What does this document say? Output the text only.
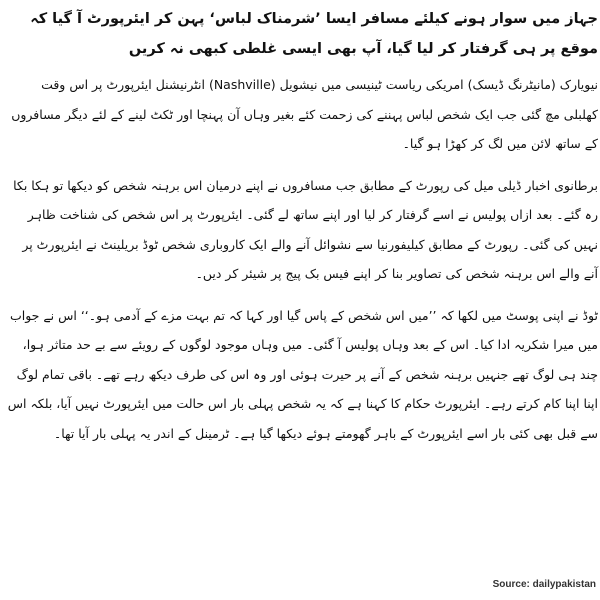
جہاز میں سوار ہونے کیلئے مسافر ایسا ’شرمناک لباس‘ پہن کر ایئرپورٹ آ گیا کہ موقع پر ہی گرفتار کر لیا گیا، آپ بھی ایسی غلطی کبھی نہ کریں

نیویارک (مانیٹرنگ ڈیسک) امریکی ریاست ٹینیسی میں نیشویل (Nashville) انٹرنیشنل ایئرپورٹ پر اس وقت کھلبلی مچ گئی جب ایک شخص لباس پہننے کی زحمت کئے بغیر وہاں آن پہنچا اور ٹکٹ لینے کے لئے دیگر مسافروں کے ساتھ لائن میں لگ کر کھڑا ہو گیا۔

برطانوی اخبار ڈیلی میل کی رپورٹ کے مطابق جب مسافروں نے اپنے درمیان اس برہنہ شخص کو دیکھا تو ہکا بکا رہ گئے۔ بعد ازاں پولیس نے اسے گرفتار کر لیا اور اپنے ساتھ لے گئی۔ ایئرپورٹ پر اس شخص کی شناخت ظاہر نہیں کی گئی۔ رپورٹ کے مطابق کیلیفورنیا سے نشوائل آنے والے ایک کاروباری شخص ٹوڈ بریلینٹ نے ایئرپورٹ پر آنے والے اس برہنہ شخص کی تصاویر بنا کر اپنے فیس بک پیج پر شیئر کر دیں۔

ٹوڈ نے اپنی پوسٹ میں لکھا کہ ’’میں اس شخص کے پاس گیا اور کہا کہ تم بہت مزے کے آدمی ہو۔‘‘ اس نے جواب میں میرا شکریہ ادا کیا۔ اس کے بعد وہاں پولیس آ گئی۔ میں وہاں موجود لوگوں کے رویئے سے بے حد متاثر ہوا، چند ہی لوگ تھے جنہیں برہنہ شخص کے آنے پر حیرت ہوئی اور وہ اس کی طرف دیکھ رہے تھے۔ باقی تمام لوگ اپنا اپنا کام کرتے رہے۔ ایئرپورٹ حکام کا کہنا ہے کہ یہ شخص پہلی بار اس حالت میں ایئرپورٹ نہیں آیا، بلکہ اس سے قبل بھی کئی بار اسے ایئرپورٹ کے باہر گھومتے ہوئے دیکھا گیا ہے۔ ٹرمینل کے اندر یہ پہلی بار آیا تھا۔

Source: dailypakistan
